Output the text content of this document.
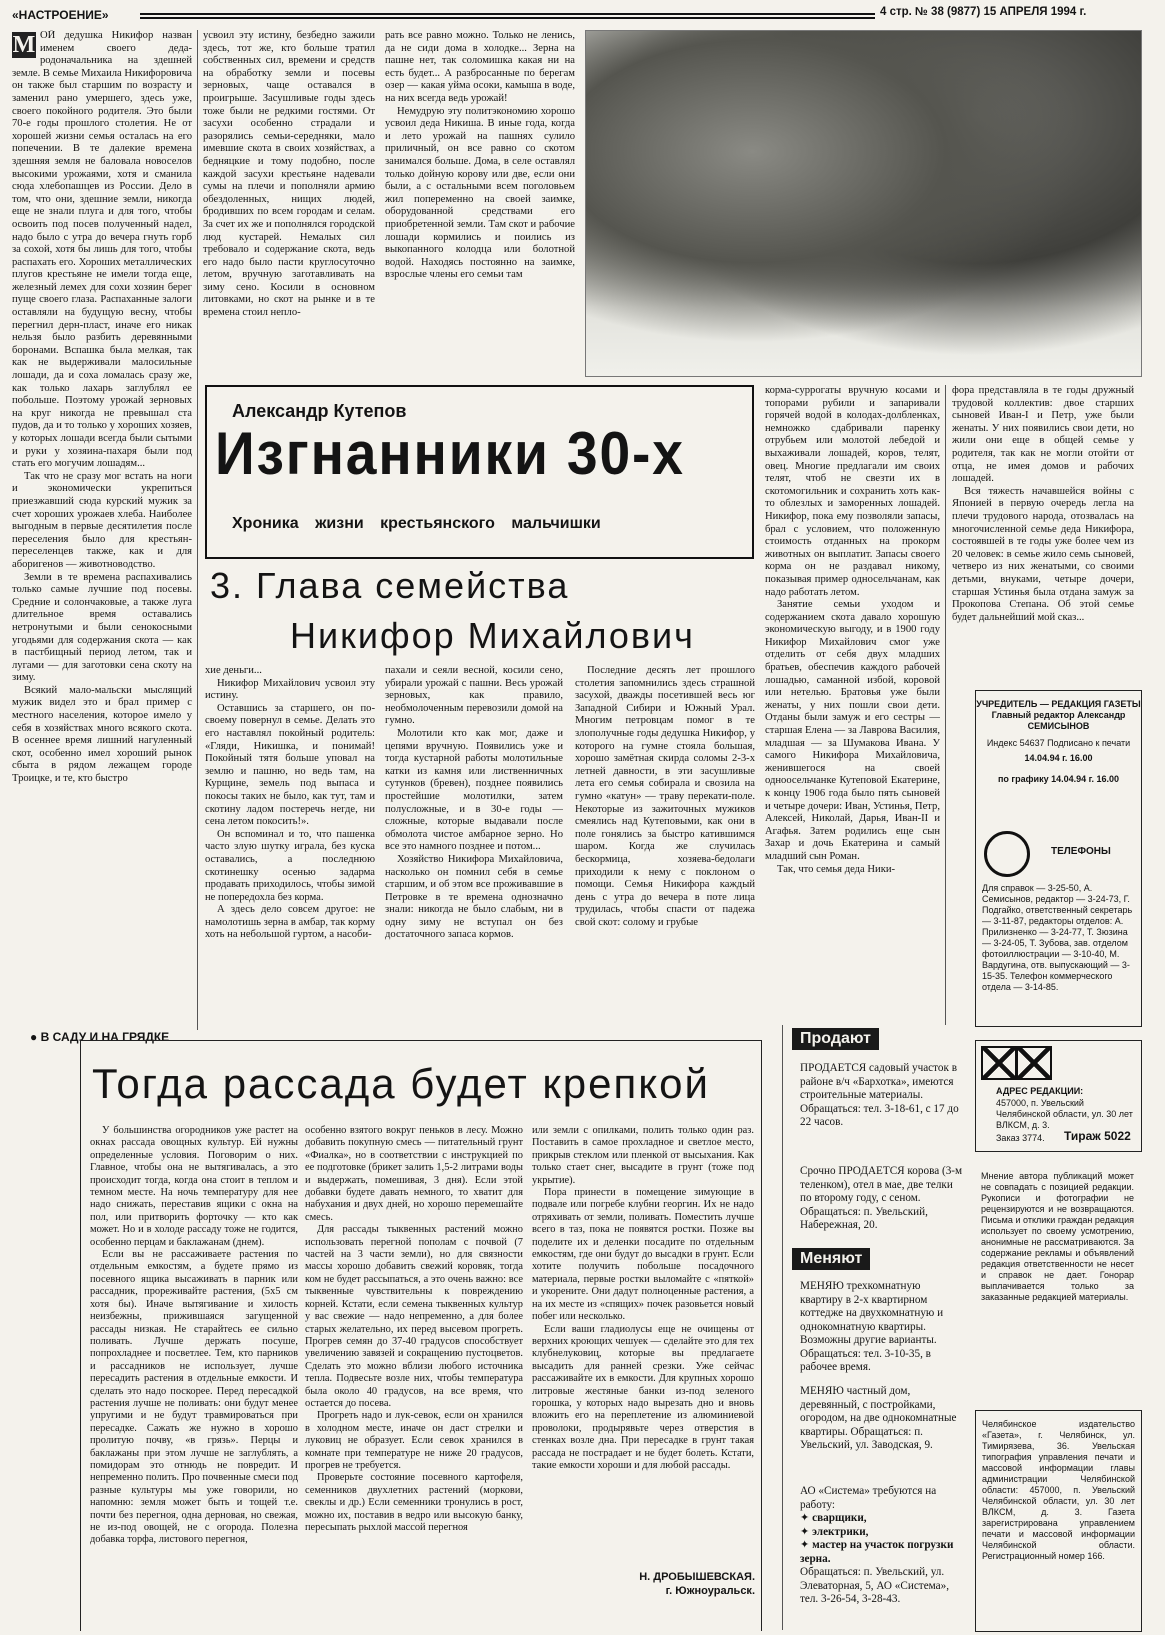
«НАСТРОЕНИЕ»	4 стр. № 38 (9877) 15 АПРЕЛЯ 1994 г.
М ОЙ дедушка Никифор назван именем своего деда-родоначальника на здешней земле. В семье Михаила Никифоровича он также был старшим по возрасту и заменил рано умершего, здесь уже, своего покойного родителя. Это были 70-е годы прошлого столетия. Не от хорошей жизни семья осталась на его попечении. В те далекие времена здешняя земля не баловала новоселов высокими урожаями, хотя и сманила сюда хлебопашцев из России. Дело в том, что они, здешние земли, никогда еще не знали плуга и для того, чтобы освоить под посев полученный надел, надо было с утра до вечера гнуть горб за сохой, хотя бы лишь для того, чтобы распахать его. Хороших металлических плугов крестьяне не имели тогда еще, железный лемех для сохи хозяин берег пуще своего глаза. Распаханные залоги оставляли на будущую весну, чтобы перегнил дерн-пласт, иначе его никак нельзя было разбить деревянными боронами. Вспашка была мелкая, так как не выдерживали малосильные лошади, да и соха ломалась сразу же, как только лахарь заглублял ее побольше. Поэтому урожай зерновых на круг никогда не превышал ста пудов, да и то только у хороших хозяев, у которых лошади всегда были сытыми и руки у хозяина-пахаря были под стать его могучим лошадям...

Так что не сразу мог встать на ноги и экономически укрепиться приезжавший сюда курский мужик за счет хороших урожаев хлеба. Наиболее выгодным в первые десятилетия после переселения было для крестьян-переселенцев также, как и для аборигенов — животноводство.

Земли в те времена распахивались только самые лучшие под посевы. Средние и солончаковые, а также луга длительное время оставались нетронутыми и были сенокосными угодьями для содержания скота — как в пастбищный период летом, так и лугами — для заготовки сена скоту на зиму.

Всякий мало-мальски мыслящий мужик видел это и брал пример с местного населения, которое имело у себя в хозяйствах много всякого скота. В осеннее время лишний нагуленный скот, особенно имел хороший рынок сбыта в рядом лежащем городе Троицке, и те, кто быстро

усвоил эту истину, безбедно зажили здесь, тот же, кто больше тратил собственных сил, времени и средств на обработку земли и посевы зерновых, чаще оставался в проигрыше. Засушливые годы здесь тоже были не редкими гостями. От засухи особенно страдали и разорялись семьи-середняки, мало имевшие скота в своих хозяйствах, а бедняцкие и тому подобно, после каждой засухи крестьяне надевали сумы на плечи и пополняли армию обездоленных, нищих людей, бродивших по всем городам и селам. За счет их же и пополнялся городской люд кустарей. Немалых сил требовало и содержание скота, ведь его надо было пасти круглосуточно летом, вручную заготавливать на зиму сено. Косили в основном литовками, но скот на рынке и в те времена стоил непло-
рать все равно можно. Только не ленись, да не сиди дома в холодке... Зерна на пашне нет, так соломишка какая ни на есть будет... А разбросанные по берегам озер — какая уйма осоки, камыша в воде, на них всегда ведь урожай!

Немудрую эту политэкономию хорошо усвоил деда Никиша. В иные года, когда и лето урожай на пашнях сулило приличный, он все равно со скотом занимался больше. Дома, в селе оставлял только дойную корову или две, если они были, а с остальными всем поголовьем жил попеременно на своей заимке, оборудованной средствами его приобретенной земли. Там скот и рабочие лошади кормились и поились из выкопанного колодца или болотной водой. Находясь постоянно на заимке, взрослые члены его семьи там

Александр Кутепов
Изгнанники 30-х
Хроника жизни крестьянского мальчишки
корма-суррогаты вручную косами и топорами рубили и запаривали горячей водой в колодах-долбленках, немножко сдабривали паренку отрубьем или молотой лебедой и выхаживали лошадей, коров, телят, овец. Многие предлагали им своих телят, чтоб не свезти их в скотомогильник и сохранить хоть как-то облезлых и заморенных лошадей. Никифор, пока ему позволяли запасы, брал с условием, что положенную стоимость отданных на прокорм животных он выплатит. Запасы своего корма он не раздавал никому, показывая пример односельчанам, как надо работать летом.

Занятие семьи уходом и содержанием скота давало хорошую экономическую выгоду, и в 1900 году Никифор Михайлович смог уже отделить от себя двух младших братьев, обеспечив каждого рабочей лошадью, саманной избой, коровой или нетелью. Братовья уже были женаты, у них пошли свои дети. Отданы были замуж и его сестры — старшая Елена — за Лаврова Василия, младшая — за Шумакова Ивана. У самого Никифора Михайловича, женившегося на своей одноосельчанке Кутеповой Екатерине, к концу 1906 года было пять сыновей и четыре дочери: Иван, Устинья, Петр, Алексей, Николай, Дарья, Иван-II и Агафья. Затем родились еще сын Захар и дочь Екатерина и самый младший сын Роман.

Так, что семья деда Ники-

фора представляла в те годы дружный трудовой коллектив: двое старших сыновей Иван-I и Петр, уже были женаты. У них появились свои дети, но жили они еще в общей семье у родителя, так как не могли отойти от отца, не имея домов и рабочих лошадей.

Вся тяжесть начавшейся войны с Японией в первую очередь легла на плечи трудового народа, отозвалась на многочисленной семье деда Никифора, состоявшей в те годы уже более чем из 20 человек: в семье жило семь сыновей, четверо из них женатыми, со своими детьми, внуками, четыре дочери, старшая Устинья была отдана замуж за Прокопова Степана. Об этой семье будет дальнейший мой сказ...

3. Глава семейства
Никифор Михайлович
хие деньги...

Никифор Михайлович усвоил эту истину.

Оставшись за старшего, он по-своему повернул в семье. Делать это его наставлял покойный родитель: «Гляди, Никишка, и понимай! Покойный тятя больше уповал на землю и пашню, но ведь там, на Курщине, земель под выпаса и покосы таких не было, как тут, там и скотину ладом постеречь негде, ни сена летом покосить!».

Он вспоминал и то, что пашенка часто злую шутку играла, без куска оставались, а последнюю скотинешку осенью задарма продавать приходилось, чтобы зимой не попередохла без корма.

А здесь дело совсем другое: не намолотишь зерна в амбар, так корму хоть на небольшой гуртом, а насоби-

пахали и сеяли весной, косили сено, убирали урожай с пашни. Весь урожай зерновых, как правило, необмолоченным перевозили домой на гумно.

Молотили кто как мог, даже и цепями вручную. Появились уже и тогда кустарной работы молотильные катки из камня или лиственничных сутунков (бревен), позднее появились простейшие молотилки, затем полусложные, и в 30-е годы — сложные, которые выдавали после обмолота чистое амбарное зерно. Но все это намного позднее и потом...

Хозяйство Никифора Михайловича, насколько он помнил себя в семье старшим, и об этом все проживавшие в Петровке в те времена однозначно знали: никогда не было слабым, ни в одну зиму не вступал он без достаточного запаса кормов.

Последние десять лет прошлого столетия запомнились здесь страшной засухой, дважды посетившей весь юг Западной Сибири и Южный Урал. Многим петровцам помог в те злополучные годы дедушка Никифор, у которого на гумне стояла большая, хорошо замётная скирда соломы 2-3-х летней давности, в эти засушливые лета его семья собирала и свозила на гумно «катун» — траву перекати-поле. Некоторые из зажиточных мужиков смеялись над Кутеповыми, как они в поле гонялись за быстро катившимся шаром. Когда же случилась бескормица, хозяева-бедолаги приходили к нему с поклоном о помощи. Семья Никифора каждый день с утра до вечера в поте лица трудилась, чтобы спасти от падежа свой скот: солому и грубые

● В САДУ И НА ГРЯДКЕ
Тогда рассада будет крепкой

У большинства огородников уже растет на окнах рассада овощных культур. Ей нужны определенные условия. Поговорим о них. Главное, чтобы она не вытягивалась, а это происходит тогда, когда она стоит в теплом и темном месте. На ночь температуру для нее надо снижать, переставив ящики с окна на пол, или притворить форточку — кто как может. Но и в холоде рассаду тоже не годится, особенно перцам и баклажанам (днем).

Если вы не рассаживаете растения по отдельным емкостям, а будете прямо из посевного ящика высаживать в парник или рассадник, прореживайте растения, (5х5 см хотя бы). Иначе вытягивание и хилость неизбежны, прижившаяся загущенной рассады низкая. Не старайтесь ее сильно поливать. Лучше держать посуше, попрохладнее и посветлее. Тем, кто парников и рассадников не использует, лучше пересадить растения в отдельные емкости. И сделать это надо поскорее. Перед пересадкой растения лучше не поливать: они будут менее упругими и не будут травмироваться при пересадке. Сажать же нужно в хорошо пролитую почву, «в грязь». Перцы и баклажаны при этом лучше не заглублять, а помидорам это отнюдь не повредит. И непременно полить. Про почвенные смеси под разные культуры мы уже говорили, но напомню: земля может быть и тощей т.е. почти без перегноя, одна дерновая, но свежая, не из-под овощей, не с огорода. Полезна добавка торфа, листового перегноя,

особенно взятого вокруг пеньков в лесу. Можно добавить покупную смесь — питательный грунт «Фиалка», но в соответствии с инструкцией по ее подготовке (брикет залить 1,5-2 литрами воды и выдержать, помешивая, 3 дня). Если этой добавки будете давать немного, то хватит для набухания и двух дней, но хорошо перемешайте смесь.

Для рассады тыквенных растений можно использовать перегной пополам с почвой (7 частей на 3 части земли), но для связности массы хорошо добавить свежий коровяк, тогда ком не будет рассыпаться, а это очень важно: все тыквенные чувствительны к повреждению корней. Кстати, если семена тыквенных культур у вас свежие — надо непременно, а для более старых желательно, их перед высевом прогреть. Прогрев семян до 37-40 градусов способствует увеличению завязей и сокращению пустоцветов. Сделать это можно вблизи любого источника тепла. Подвесьте возле них, чтобы температура была около 40 градусов, на все время, что остается до посева.

Прогреть надо и лук-севок, если он хранился в холодном месте, иначе он даст стрелки и луковиц не образует. Если севок хранился в комнате при температуре не ниже 20 градусов, прогрев не требуется.

Проверьте состояние посевного картофеля, семенников двухлетних растений (моркови, свеклы и др.) Если семенники тронулись в рост, можно их, поставив в ведро или высокую банку, пересыпать рыхлой массой перегноя

или земли с опилками, полить только один раз. Поставить в самое прохладное и светлое место, прикрыв стеклом или пленкой от высыхания. Как только стает снег, высадите в грунт (тоже под укрытие).

Пора принести в помещение зимующие в подвале или погребе клубни георгин. Их не надо отряхивать от земли, поливать. Поместить лучше всего в таз, пока не появятся ростки. Позже вы поделите их и деленки посадите по отдельным емкостям, где они будут до высадки в грунт. Если хотите получить побольше посадочного материала, первые ростки выломайте с «пяткой» и укорените. Они дадут полноценные растения, а на их месте из «спящих» почек разовьется новый побег или несколько.

Если ваши гладиолусы еще не очищены от верхних кроющих чешуек — сделайте это для тех клубнелуковиц, которые вы предлагаете высадить для ранней срезки. Уже сейчас рассаживайте их в емкости. Для крупных хорошо литровые жестяные банки из-под зеленого горошка, у которых надо вырезать дно и вновь вложить его на переплетение из алюминиевой проволоки, продырявьте через отверстия в стенках возле дна. При пересадке в грунт такая рассада не пострадает и не будет болеть. Кстати, такие емкости хороши и для любой рассады.

Н. ДРОБЫШЕВСКАЯ.
г. Южноуральск.
Продают
ПРОДАЕТСЯ садовый участок в районе в/ч «Бархотка», имеются строительные материалы.
Обращаться: тел. 3-18-61, с 17 до 22 часов.
Срочно ПРОДАЕТСЯ корова (3-м теленком), отел в мае, две телки по второму году, с сеном. Обращаться: п. Увельский, Набережная, 20.
Меняют
МЕНЯЮ трехкомнатную квартиру в 2-х квартирном коттедже на двухкомнатную и однокомнатную квартиры. Возможны другие варианты.
Обращаться: тел. 3-10-35, в рабочее время.
МЕНЯЮ частный дом, деревянный, с постройками, огородом, на две однокомнатные квартиры. Обращаться: п. Увельский, ул. Заводская, 9.
АО «Система» требуются на работу:
✦ сварщики,
✦ электрики,
✦ мастер на участок погрузки зерна.
Обращаться: п. Увельский, ул. Элеваторная, 5, АО «Система», тел. 3-26-54, 3-28-43.
УЧРЕДИТЕЛЬ — РЕДАКЦИЯ ГАЗЕТЫ Главный редактор Александр СЕМИСЫНОВ
Индекс 54637 Подписано к печати
14.04.94 г. 16.00
по графику 14.04.94 г. 16.00
ТЕЛЕФОНЫ
Для справок — 3-25-50, А. Семисынов, редактор — 3-24-73, Г. Подгайко, ответственный секретарь — 3-11-87, редакторы отделов: А. Прилизненко — 3-24-77, Т. Зюзина — 3-24-05, Т. Зубова, зав. отделом фотоиллюстрации — 3-10-40, М. Вардугина, отв. выпускающий — 3-15-35. Телефон коммерческого отдела — 3-14-85.
АДРЕС РЕДАКЦИИ:
457000, п. Увельский Челябинской области, ул. 30 лет ВЛКСМ, д. 3.
Заказ 3774. Тираж 5022
Мнение автора публикаций может не совпадать с позицией редакции. Рукописи и фотографии не рецензируются и не возвращаются. Письма и отклики граждан редакция использует по своему усмотрению, анонимные не рассматриваются. За содержание рекламы и объявлений редакция ответственности не несет и справок не дает. Гонорар выплачивается только за заказанные редакцией материалы.
Челябинское издательство «Газета», г. Челябинск, ул. Тимирязева, 36. Увельская типография управления печати и массовой информации главы администрации Челябинской области: 457000, п. Увельский Челябинской области, ул. 30 лет ВЛКСМ, д. 3. Газета зарегистрирована управлением печати и массовой информации Челябинской области. Регистрационный номер 166.
